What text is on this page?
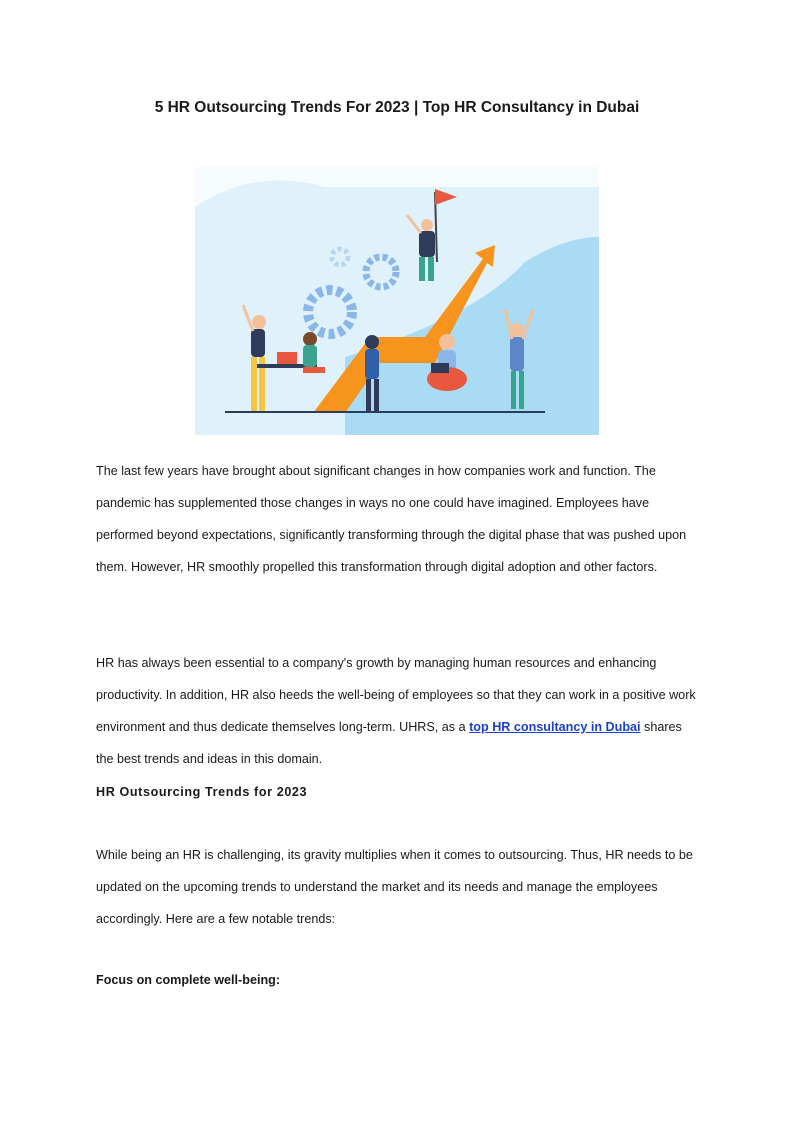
5 HR Outsourcing Trends For 2023 | Top HR Consultancy in Dubai

The last few years have brought about significant changes in how companies work and function. The pandemic has supplemented those changes in ways no one could have imagined. Employees have performed beyond expectations, significantly transforming through the digital phase that was pushed upon them. However, HR smoothly propelled this transformation through digital adoption and other factors.

HR has always been essential to a company's growth by managing human resources and enhancing productivity. In addition, HR also heeds the well-being of employees so that they can work in a positive work environment and thus dedicate themselves long-term. UHRS, as a top HR consultancy in Dubai shares the best trends and ideas in this domain.

HR Outsourcing Trends for 2023

While being an HR is challenging, its gravity multiplies when it comes to outsourcing. Thus, HR needs to be updated on the upcoming trends to understand the market and its needs and manage the employees accordingly. Here are a few notable trends:

Focus on complete well-being:
